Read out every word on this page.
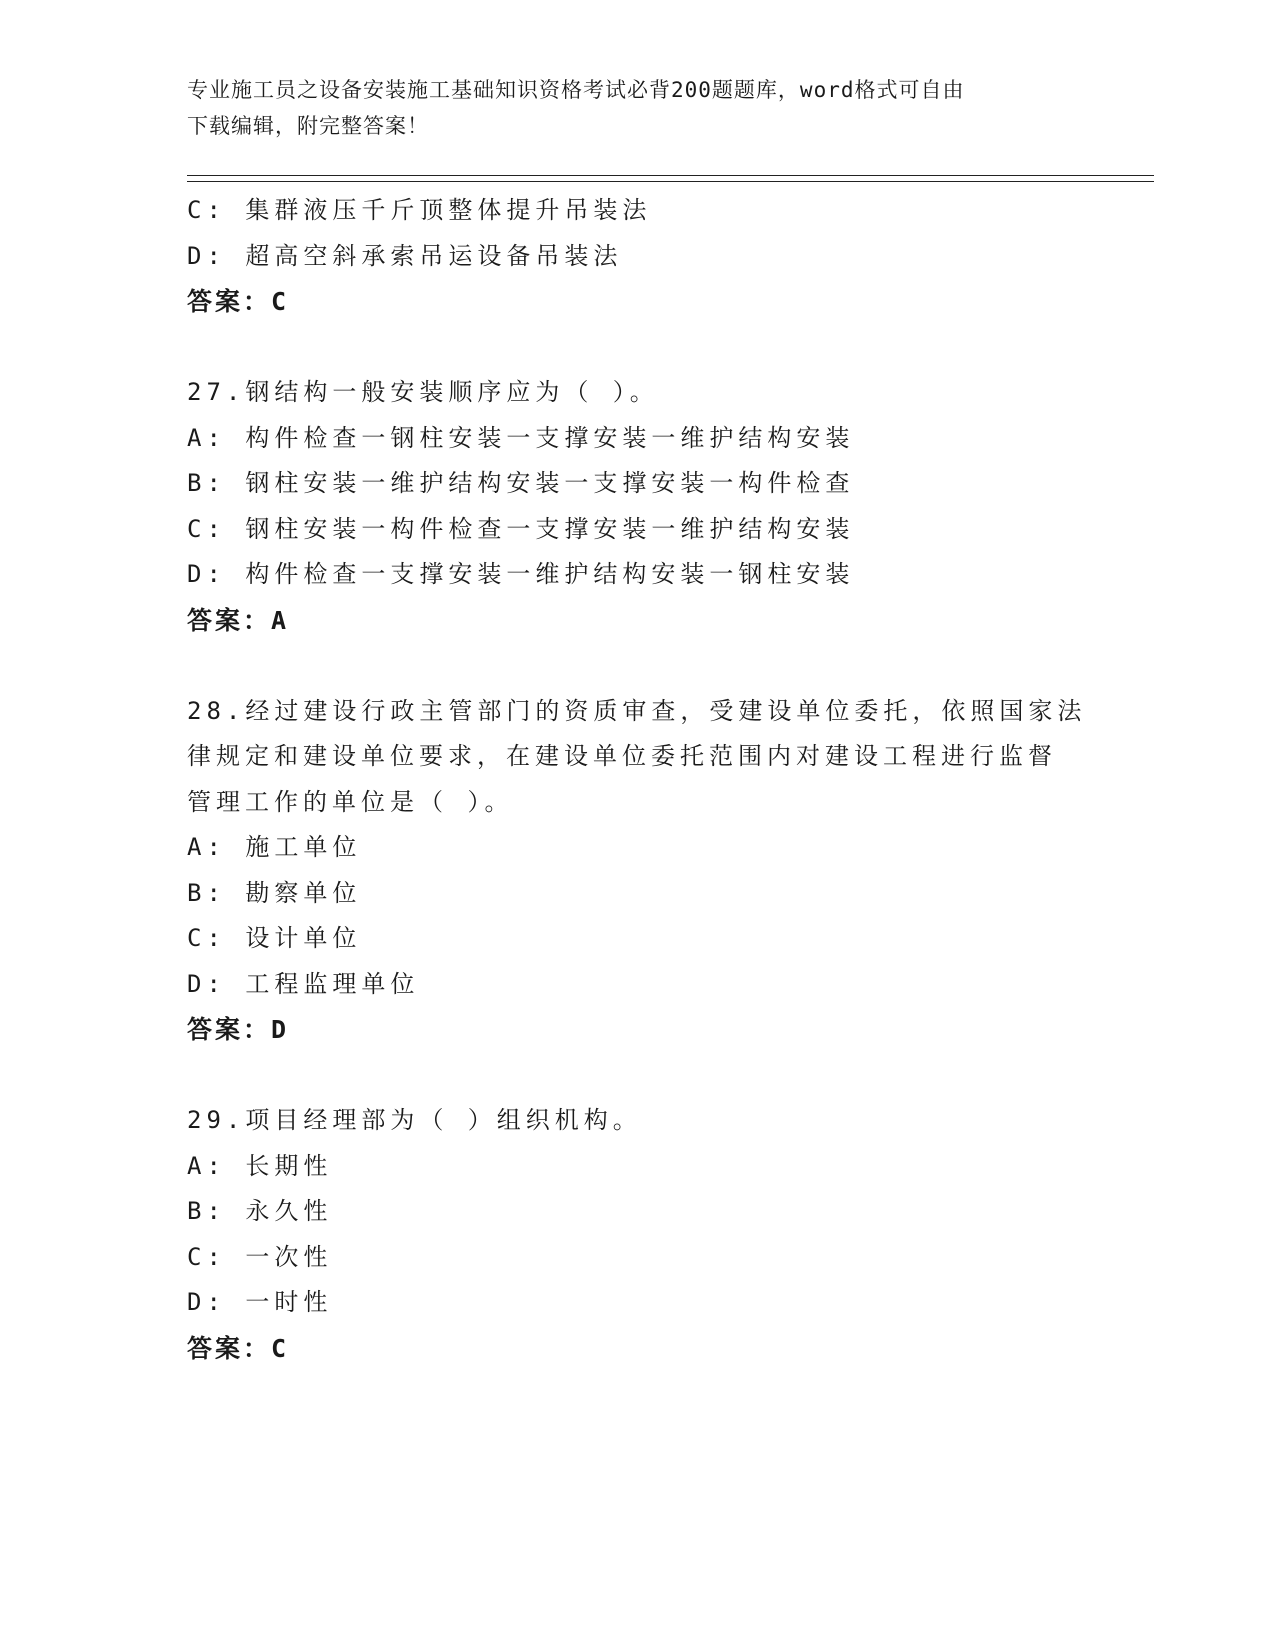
专业施工员之设备安装施工基础知识资格考试必背200题题库，word格式可自由
下载编辑，附完整答案！
C: 集群液压千斤顶整体提升吊装法
D: 超高空斜承索吊运设备吊装法
答案：C
27.钢结构一般安装顺序应为（ ）。
A: 构件检查一钢柱安装一支撑安装一维护结构安装
B: 钢柱安装一维护结构安装一支撑安装一构件检查
C: 钢柱安装一构件检查一支撑安装一维护结构安装
D: 构件检查一支撑安装一维护结构安装一钢柱安装
答案：A
28.经过建设行政主管部门的资质审查，受建设单位委托，依照国家法
律规定和建设单位要求，在建设单位委托范围内对建设工程进行监督
管理工作的单位是（ ）。
A: 施工单位
B: 勘察单位
C: 设计单位
D: 工程监理单位
答案：D
29.项目经理部为（ ）组织机构。
A: 长期性
B: 永久性
C: 一次性
D: 一时性
答案：C
